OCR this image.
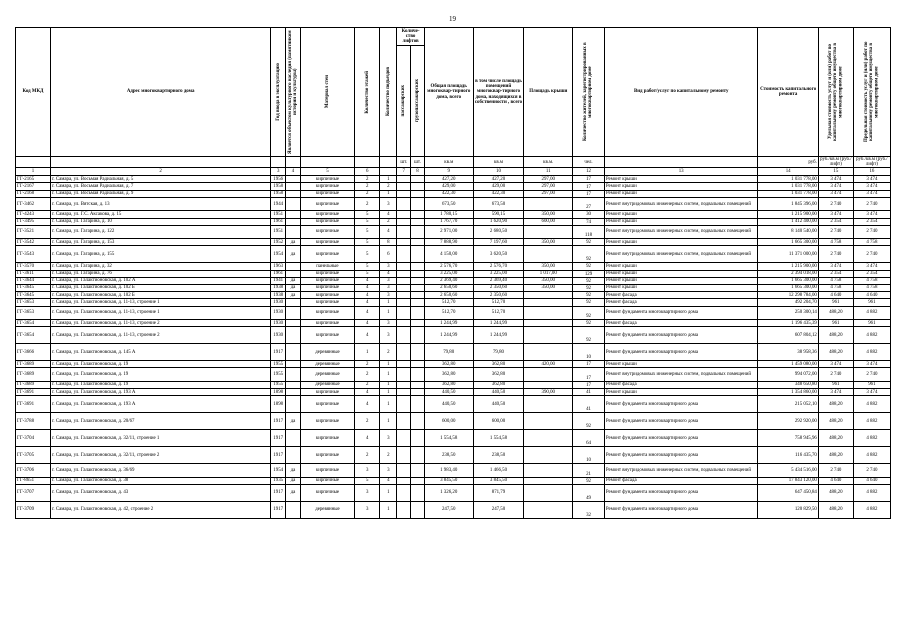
19
Код МКД	Адрес многоквартирного дома	Год ввода в эксплуатацию	Является объектом культурного наследия (памятником истории и культуры)	Материал стен	Количество этажей	Количество подъездов	Количе-ство лифтов		Общая площадь многоквар-тирного дома, всего	в том числе площадь помещений многоквар-тирного дома, находящихся в собственности , всего	Площадь крыши	Количество жителей, зарегистрированных в многоквартирном доме	Вид работ/услуг по капитальному ремонту	Стоимость капитального ремонта	Удельная стоимость услуг и (или) работ по капитальному ремонту общего имущества в многоквартирном доме	Предельная стоимость услуг и (или) работ по капитальному ремонту общего имущества в многоквартирном доме

							пассажирских	грузопассажирских								

							шт.	шт.	кв.м	кв.м	кв.м.	чел.		руб.	руб./кв.м (руб./лифт)	руб./кв.м (руб./лифт)
1	2	3	4	5	6		7	8	9	10	11	12	13	14	15	16
ГГ-2165	г. Самара, ул. Восьмая Радиальная, д. 5	1956		кирпичные	2	1			427,20	427,20	297,00	17	Ремонт крыши	1 031 778,00	3 474	3 474
ГГ-2167	г. Самара, ул. Восьмая Радиальная, д. 7	1958		кирпичные	2	2			429,00	429,00	297,00	17	Ремонт крыши	1 031 778,00	3 474	3 474
ГГ-2168	г. Самара, ул. Восьмая Радиальная, д. 9	1958		кирпичные	2	1			422,30	422,30	297,00	17	Ремонт крыши	1 031 778,00	3 474	3 474
ГГ-3462	г. Самара, ул. Вятская, д. 13	1944		кирпичные	2	3			673,50	673,50		27	Ремонт внутридомовых инженерных систем, подвальных помещений	1 845 396,00	2 740	2 740
ГГ-4243	г. Самара, ул. Г.С. Аксакова, д. 15	1951		кирпичные	5	4			1 780,15	590,15	350,00	30	Ремонт крыши	1 215 900,00	3 474	3 474
ГГ-3495	г. Самара, ул. Гагарина, д. 10	1961		кирпичные	5	2			1 767,70	1 620,90	600,00	74	Ремонт крыши	1 412 400,00	2 354	2 354
ГГ-3521	г. Самара, ул. Гагарина, д. 122	1951		кирпичные	5	4			2 971,00	2 680,50		118	Ремонт внутридомовых инженерных систем, подвальных помещений	8 140 540,00	2 740	2 740
ГГ-3542	г. Самара, ул. Гагарина, д. 153	1952	да	кирпичные	5	8			7 888,90	7 197,60	350,00	92	Ремонт крыши	1 665 300,00	4 758	4 758
ГГ-3543	г. Самара, ул. Гагарина, д. 155	1954	да	кирпичные	5	6			4 150,00	3 620,50		92	Ремонт внутридомовых инженерных систем, подвальных помещений	11 371 000,00	2 740	2 740
ГГ-3570	г. Самара, ул. Гагарина, д. 32	1963		панельные	5	3			2 576,70	2 576,70	350,00	92	Ремонт крыши	1 215 900,00	3 474	3 474
ГГ-3611	г. Самара, ул. Гагарина, д. 76	1961		кирпичные	5	4			3 225,00	3 225,00	1 017,00	129	Ремонт крыши	2 394 018,00	2 354	2 354
ГГ-3644	г. Самара, ул. Галактионовская, д. 102 А	1941	да	кирпичные	4	3			2 369,40	2 369,40	350,00	92	Ремонт крыши	1 665 300,00	4 758	4 758
ГГ-3645	г. Самара, ул. Галактионовская, д. 102 Б	1938	да	кирпичные	4	3			2 650,60	2 350,60	350,00	92	Ремонт крыши	1 665 300,00	4 758	4 758
ГГ-3645	г. Самара, ул. Галактионовская, д. 102 Б	1938	да	кирпичные	4	3			2 650,60	2 350,60		92	Ремонт фасада	12 298 784,00	4 640	4 640
ГГ-3653	г. Самара, ул. Галактионовская, д. 11-13, строение 1	1930		кирпичные	4	1			512,70	512,70		92	Ремонт фасада	492 204,70	961	961
ГГ-3653	г. Самара, ул. Галактионовская, д. 11-13, строение 1	1930		кирпичные	4	1			512,70	512,70		92	Ремонт фундамента многоквартирного дома	250 300,14	488,20	4 882
ГГ-3654	г. Самара, ул. Галактионовская, д. 11-13, строение 2	1930		кирпичные	4	3			1 244,99	1 244,99		92	Ремонт фасада	1 196 435,39	961	961
ГГ-3654	г. Самара, ул. Галактионовская, д. 11-13, строение 2	1930		кирпичные	4	3			1 244,99	1 244,99		92	Ремонт фундамента многоквартирного дома	607 804,12	488,20	4 882
ГГ-3666	г. Самара, ул. Галактионовская, д. 145 А	1917		деревянные	1	2			79,80	79,80		10	Ремонт фундамента многоквартирного дома	38 958,36	488,20	4 882
ГГ-3689	г. Самара, ул. Галактионовская, д. 19	1955		деревянные	2	1			362,80	362,80	420,00	17	Ремонт крыши	1 459 080,00	3 474	3 474
ГГ-3689	г. Самара, ул. Галактионовская, д. 19	1955		деревянные	2	1			362,80	362,80		17	Ремонт внутридомовых инженерных систем, подвальных помещений	994 072,00	2 740	2 740
ГГ-3689	г. Самара, ул. Галактионовская, д. 19	1955		деревянные	2	1			362,80	362,80		17	Ремонт фасада	348 650,80	961	961
ГГ-3691	г. Самара, ул. Галактионовская, д. 193 А	1898		кирпичные	4	1			440,50	440,50	390,00	41	Ремонт крыши	1 354 860,00	3 474	3 474
ГГ-3691	г. Самара, ул. Галактионовская, д. 193 А	1898		кирпичные	4	1			440,50	440,50		41	Ремонт фундамента многоквартирного дома	215 052,10	488,20	4 882
ГГ-3788	г. Самара, ул. Галактионовская, д. 20/67	1917	да	кирпичные	2	1			600,00	600,00		92	Ремонт фундамента многоквартирного дома	292 920,00	488,20	4 882
ГГ-3704	г. Самара, ул. Галактионовская, д. 32/11, строение 1	1917		кирпичные	4	3			1 554,58	1 554,58		64	Ремонт фундамента многоквартирного дома	758 945,96	488,20	4 882
ГГ-3705	г. Самара, ул. Галактионовская, д. 32/11, строение 2	1917		кирпичные	2	2			238,50	238,50		10	Ремонт фундамента многоквартирного дома	116 435,70	488,20	4 882
ГГ-3706	г. Самара, ул. Галактионовская, д. 36/69	1954	да	кирпичные	3	3			1 983,40	1 466,50		21	Ремонт внутридомовых инженерных систем, подвальных помещений	5 434 516,00	2 740	2 740
ГГ-8651	г. Самара, ул. Галактионовская, д. 38	1935	да	кирпичные	5	4			3 845,50	3 845,50		92	Ремонт фасада	17 843 120,00	4 640	4 640
ГГ-3707	г. Самара, ул. Галактионовская, д. 43	1917	да	кирпичные	3	1			1 326,20	871,79		49	Ремонт фундамента многоквартирного дома	647 450,84	488,20	4 882
ГГ-3709	г. Самара, ул. Галактионовская, д. 42, строение 2	1917		деревянные	3	1			247,50	247,50		32	Ремонт фундамента многоквартирного дома	120 829,50	488,20	4 882
